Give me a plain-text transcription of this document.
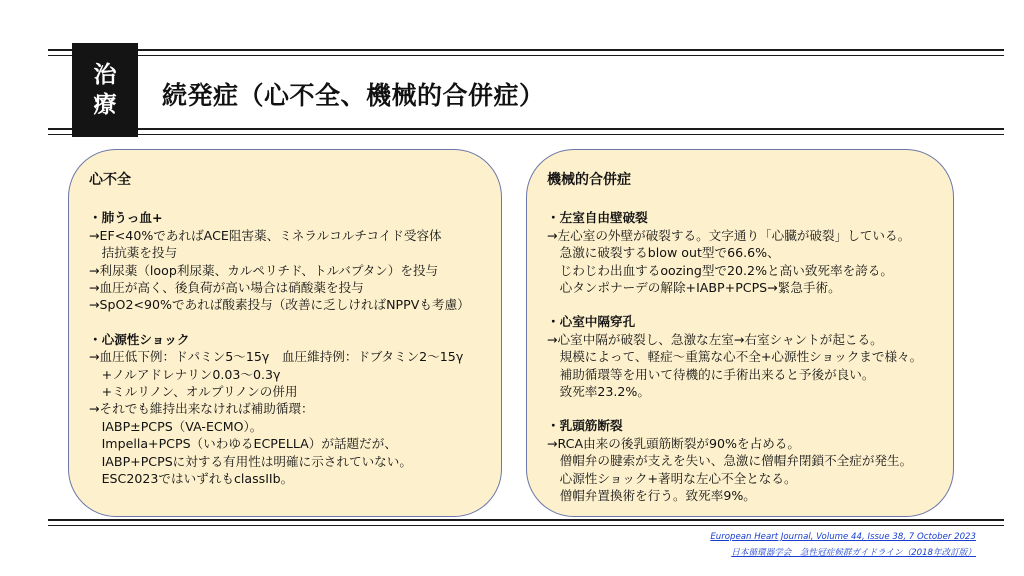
治
療 続発症（心不全、機械的合併症）
心不全
・肺うっ血+
→EF<40%であればACE阻害薬、ミネラルコルチコイド受容体
　拮抗薬を投与
→利尿薬（loop利尿薬、カルペリチド、トルバプタン）を投与
→血圧が高く、後負荷が高い場合は硝酸薬を投与
→SpO2<90%であれば酸素投与（改善に乏しければNPPVも考慮）
・心源性ショック
→血圧低下例：ドパミン5〜15γ　血圧維持例：ドブタミン2〜15γ
　+ノルアドレナリン0.03〜0.3γ
　+ミルリノン、オルプリノンの併用
→それでも維持出来なければ補助循環：
　IABP±PCPS（VA-ECMO）。
　Impella+PCPS（いわゆるECPELLA）が話題だが、
　IABP+PCPSに対する有用性は明確に示されていない。
　ESC2023ではいずれもclassIIb。
機械的合併症
・左室自由壁破裂
→左心室の外壁が破裂する。文字通り「心臓が破裂」している。
　急激に破裂するblow out型で66.6%、
　じわじわ出血するoozing型で20.2%と高い致死率を誇る。
　心タンポナーデの解除+IABP+PCPS→緊急手術。
・心室中隔穿孔
→心室中隔が破裂し、急激な左室→右室シャントが起こる。
　規模によって、軽症〜重篤な心不全+心源性ショックまで様々。
　補助循環等を用いて待機的に手術出来ると予後が良い。
　致死率23.2%。
・乳頭筋断裂
→RCA由来の後乳頭筋断裂が90%を占める。
　僧帽弁の腱索が支えを失い、急激に僧帽弁閉鎖不全症が発生。
　心源性ショック+著明な左心不全となる。
　僧帽弁置換術を行う。致死率9%。
European Heart Journal, Volume 44, Issue 38, 7 October 2023
日本循環器学会　急性冠症候群ガイドライン（2018年改訂版）
